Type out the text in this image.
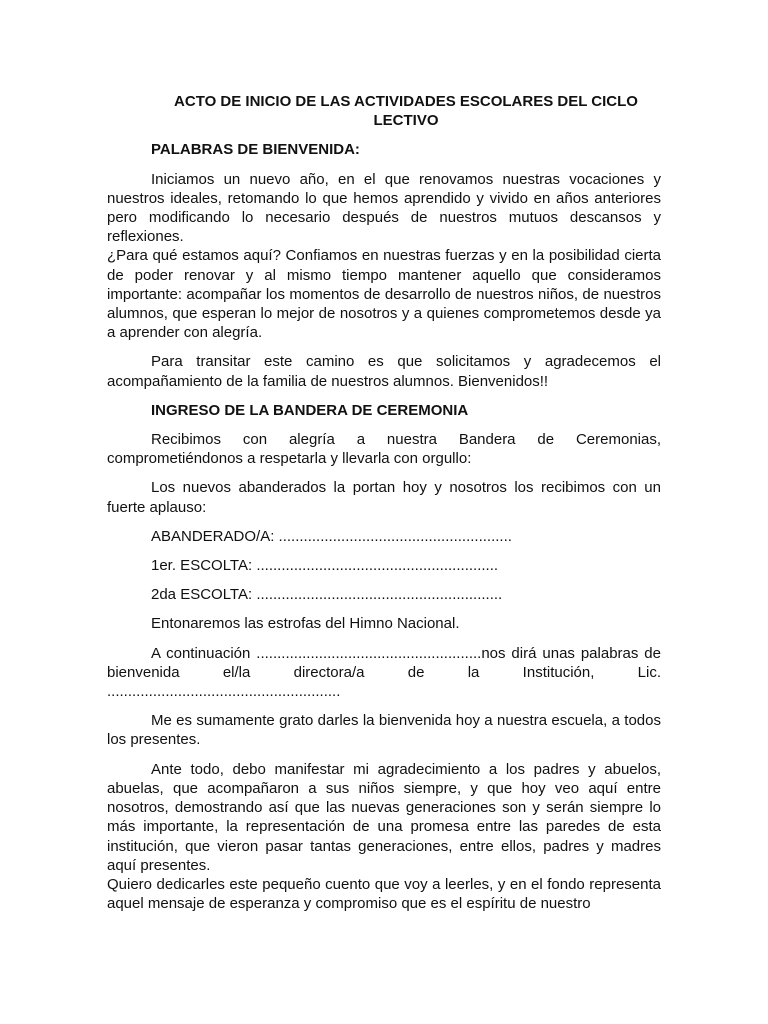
ACTO DE INICIO DE LAS ACTIVIDADES ESCOLARES DEL CICLO
LECTIVO
PALABRAS DE BIENVENIDA:
Iniciamos un nuevo año, en el que renovamos nuestras vocaciones y nuestros ideales, retomando lo que hemos aprendido y vivido en años anteriores pero modificando lo necesario después de nuestros mutuos descansos y reflexiones.
¿Para qué estamos aquí? Confiamos en nuestras fuerzas y en la posibilidad cierta de poder renovar y al mismo tiempo mantener aquello que consideramos importante: acompañar los momentos de desarrollo de nuestros niños, de nuestros alumnos, que esperan lo mejor de nosotros y a quienes comprometemos desde ya a aprender con alegría.
Para transitar este camino es que solicitamos y agradecemos el acompañamiento de la familia de nuestros alumnos. Bienvenidos!!
INGRESO DE LA BANDERA DE CEREMONIA
Recibimos con alegría a nuestra Bandera de Ceremonias, comprometiéndonos a respetarla y llevarla con orgullo:
Los nuevos abanderados la portan hoy y nosotros los recibimos con un fuerte aplauso:
ABANDERADO/A: ........................................................
1er. ESCOLTA: ..........................................................
2da ESCOLTA: ...........................................................
Entonaremos las estrofas del Himno Nacional.
A continuación ......................................................nos dirá unas palabras de bienvenida el/la directora/a de la Institución, Lic. ........................................................
Me es sumamente grato darles la bienvenida hoy a nuestra escuela, a todos los presentes.
Ante todo, debo manifestar mi agradecimiento a los padres y abuelos, abuelas, que acompañaron a sus niños siempre, y que hoy veo aquí entre nosotros, demostrando así que las nuevas generaciones son y serán siempre lo más importante, la representación de una promesa entre las paredes de esta institución, que vieron pasar tantas generaciones, entre ellos, padres y madres aquí presentes.
Quiero dedicarles este pequeño cuento que voy a leerles, y en el fondo representa aquel mensaje de esperanza y compromiso que es el espíritu de nuestro
